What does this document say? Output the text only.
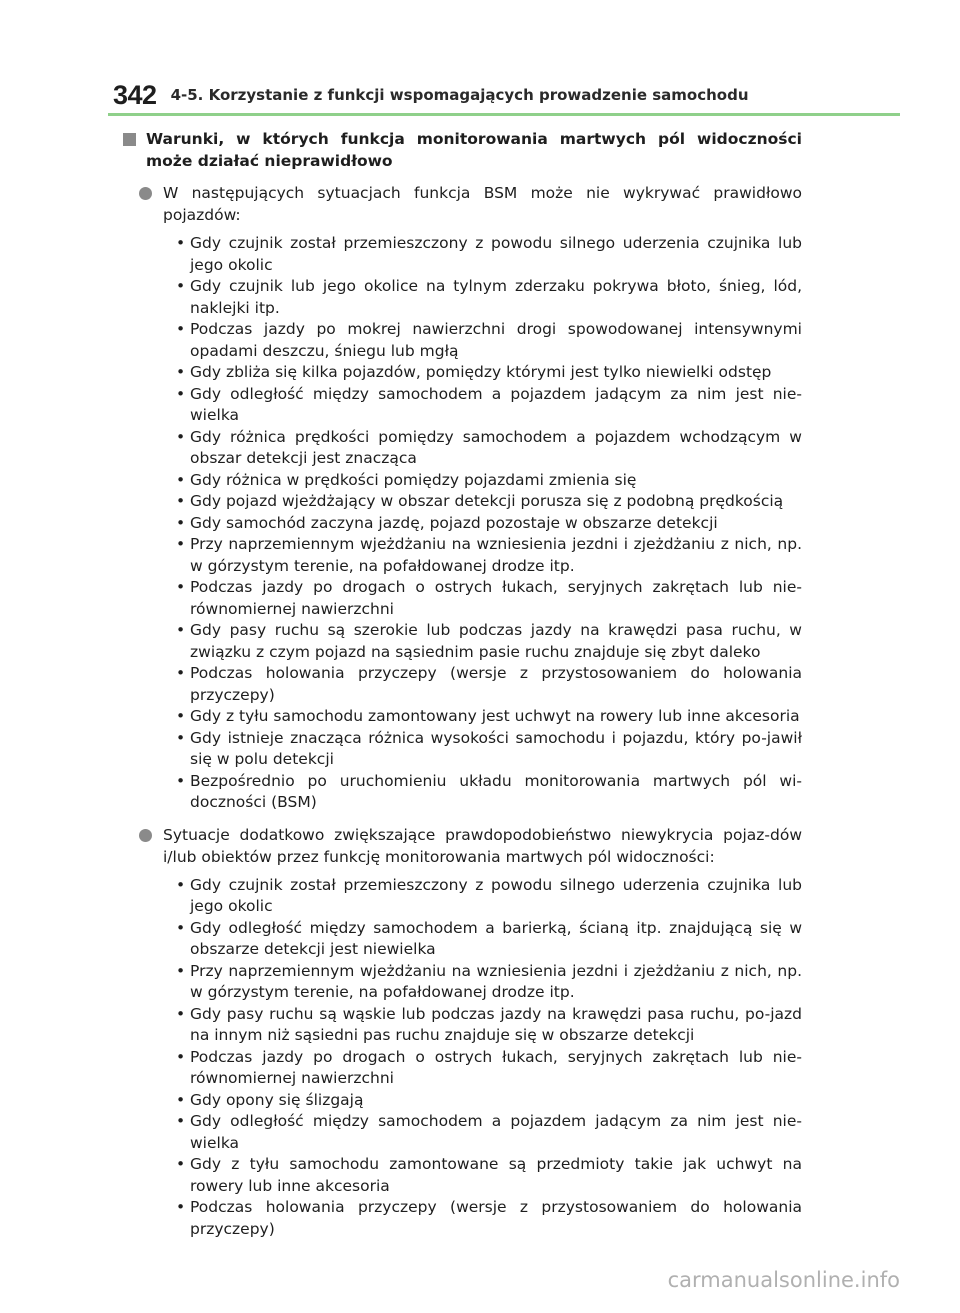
342 4-5. Korzystanie z funkcji wspomagających prowadzenie samochodu
Warunki, w których funkcja monitorowania martwych pól widoczności może działać nieprawidłowo
W następujących sytuacjach funkcja BSM może nie wykrywać prawidłowo pojazdów:
• Gdy czujnik został przemieszczony z powodu silnego uderzenia czujnika lub jego okolic
• Gdy czujnik lub jego okolice na tylnym zderzaku pokrywa błoto, śnieg, lód, naklejki itp.
• Podczas jazdy po mokrej nawierzchni drogi spowodowanej intensywnymi opadami deszczu, śniegu lub mgłą
• Gdy zbliża się kilka pojazdów, pomiędzy którymi jest tylko niewielki odstęp
• Gdy odległość między samochodem a pojazdem jadącym za nim jest nie-wielka
• Gdy różnica prędkości pomiędzy samochodem a pojazdem wchodzącym w obszar detekcji jest znacząca
• Gdy różnica w prędkości pomiędzy pojazdami zmienia się
• Gdy pojazd wjeżdżający w obszar detekcji porusza się z podobną prędkością
• Gdy samochód zaczyna jazdę, pojazd pozostaje w obszarze detekcji
• Przy naprzemiennym wjeżdżaniu na wzniesienia jezdni i zjeżdżaniu z nich, np. w górzystym terenie, na pofałdowanej drodze itp.
• Podczas jazdy po drogach o ostrych łukach, seryjnych zakrętach lub nie-równomiernej nawierzchni
• Gdy pasy ruchu są szerokie lub podczas jazdy na krawędzi pasa ruchu, w związku z czym pojazd na sąsiednim pasie ruchu znajduje się zbyt daleko
• Podczas holowania przyczepy (wersje z przystosowaniem do holowania przyczepy)
• Gdy z tyłu samochodu zamontowany jest uchwyt na rowery lub inne akcesoria
• Gdy istnieje znacząca różnica wysokości samochodu i pojazdu, który po-jawił się w polu detekcji
• Bezpośrednio po uruchomieniu układu monitorowania martwych pól wi-doczności (BSM)
Sytuacje dodatkowo zwiększające prawdopodobieństwo niewykrycia pojaz-dów i/lub obiektów przez funkcję monitorowania martwych pól widoczności:
• Gdy czujnik został przemieszczony z powodu silnego uderzenia czujnika lub jego okolic
• Gdy odległość między samochodem a barierką, ścianą itp. znajdującą się w obszarze detekcji jest niewielka
• Przy naprzemiennym wjeżdżaniu na wzniesienia jezdni i zjeżdżaniu z nich, np. w górzystym terenie, na pofałdowanej drodze itp.
• Gdy pasy ruchu są wąskie lub podczas jazdy na krawędzi pasa ruchu, po-jazd na innym niż sąsiedni pas ruchu znajduje się w obszarze detekcji
• Podczas jazdy po drogach o ostrych łukach, seryjnych zakrętach lub nie-równomiernej nawierzchni
• Gdy opony się ślizgają
• Gdy odległość między samochodem a pojazdem jadącym za nim jest nie-wielka
• Gdy z tyłu samochodu zamontowane są przedmioty takie jak uchwyt na rowery lub inne akcesoria
• Podczas holowania przyczepy (wersje z przystosowaniem do holowania przyczepy)
carmanualsonline.info
